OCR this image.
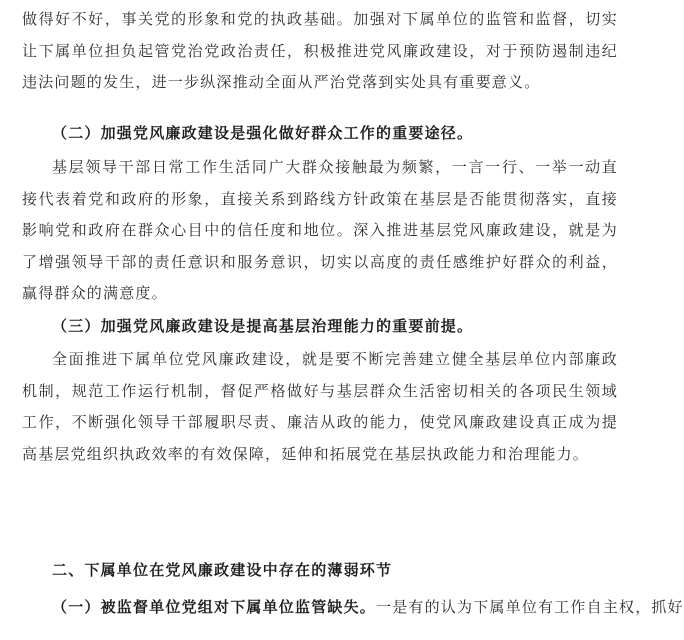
做得好不好，事关党的形象和党的执政基础。加强对下属单位的监管和监督，切实让下属单位担负起管党治党政治责任，积极推进党风廉政建设，对于预防遏制违纪违法问题的发生，进一步纵深推动全面从严治党落到实处具有重要意义。

（二）加强党风廉政建设是强化做好群众工作的重要途径。

基层领导干部日常工作生活同广大群众接触最为频繁，一言一行、一举一动直接代表着党和政府的形象，直接关系到路线方针政策在基层是否能贯彻落实，直接影响党和政府在群众心目中的信任度和地位。深入推进基层党风廉政建设，就是为了增强领导干部的责任意识和服务意识，切实以高度的责任感维护好群众的利益，赢得群众的满意度。

（三）加强党风廉政建设是提高基层治理能力的重要前提。

全面推进下属单位党风廉政建设，就是要不断完善建立健全基层单位内部廉政机制，规范工作运行机制，督促严格做好与基层群众生活密切相关的各项民生领域工作，不断强化领导干部履职尽责、廉洁从政的能力，使党风廉政建设真正成为提高基层党组织执政效率的有效保障，延伸和拓展党在基层执政能力和治理能力。

二、下属单位在党风廉政建设中存在的薄弱环节

（一）被监督单位党组对下属单位监管缺失。一是有的认为下属单位有工作自主权，抓好
